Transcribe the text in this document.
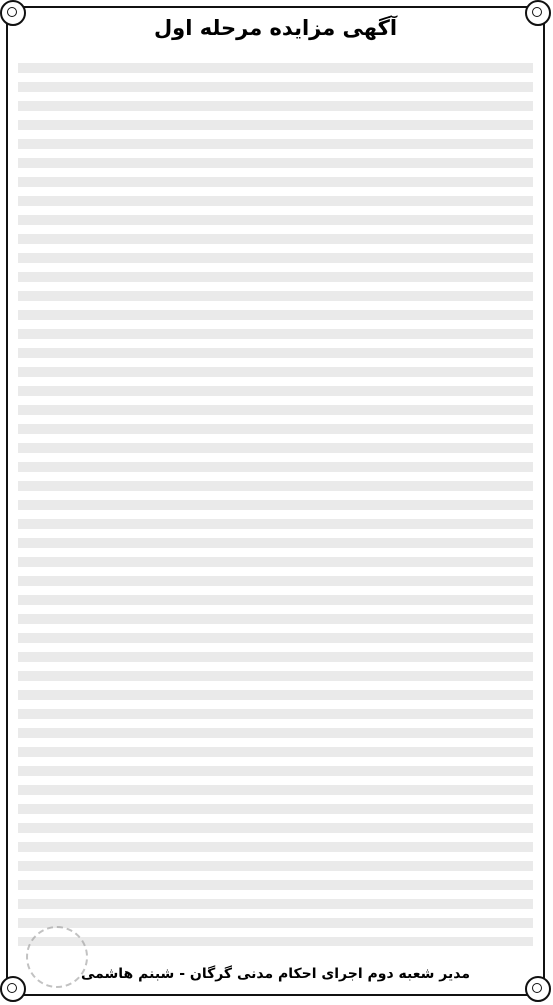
آگهی مزایده مرحله اول
مدیر شعبه دوم اجرای احکام مدنی گرگان - شبنم هاشمی
